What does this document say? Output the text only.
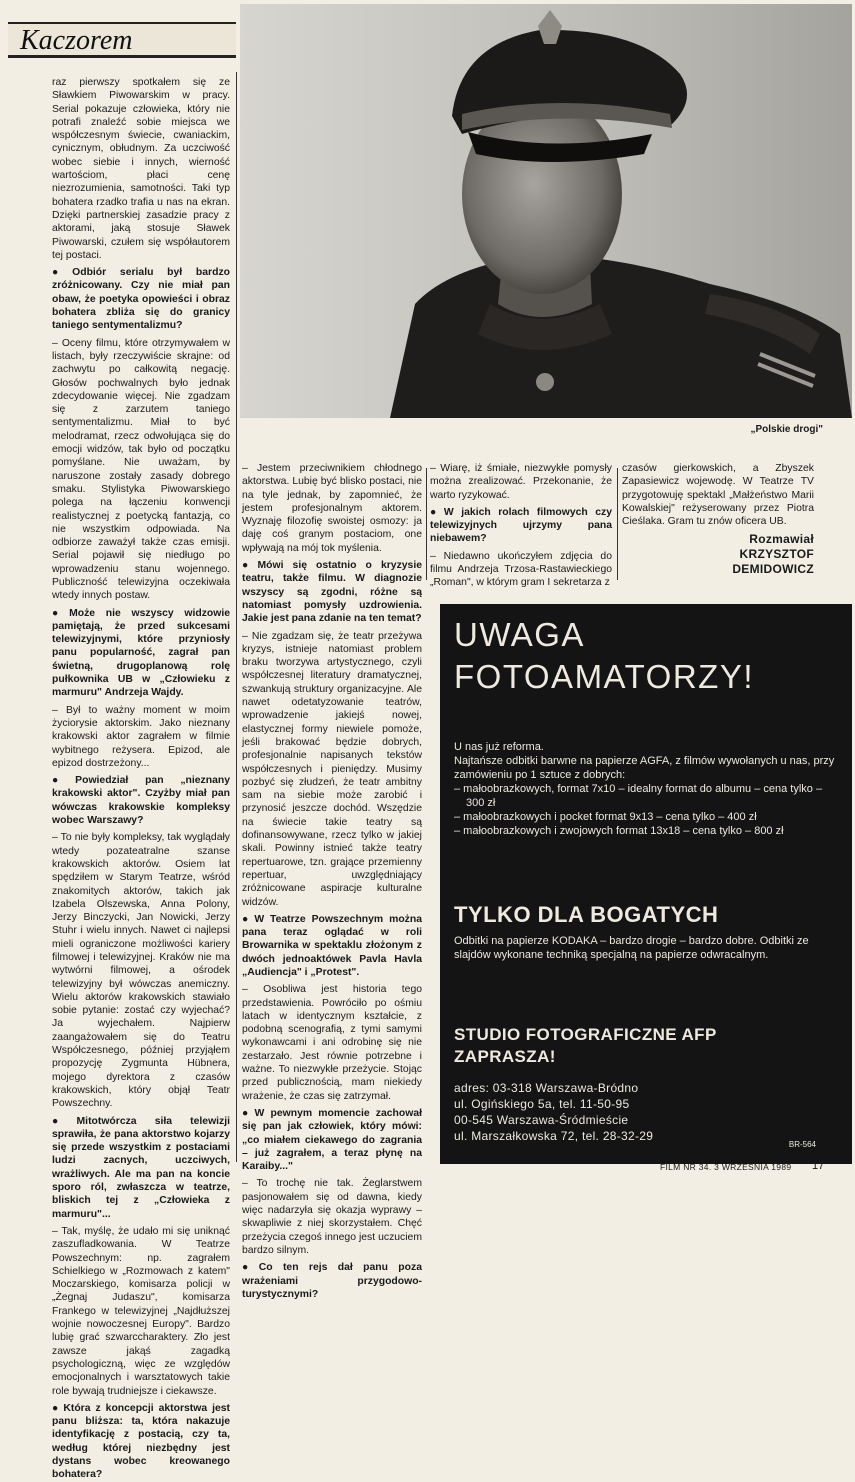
Kaczorem
„Polskie drogi"

raz pierwszy spotkałem się ze Sławkiem Piwowarskim w pracy. Serial pokazuje człowieka, który nie potrafi znaleźć sobie miejsca we współczesnym świecie, cwaniackim, cynicznym, obłudnym. Za uczciwość wobec siebie i innych, wierność wartościom, płaci cenę niezrozumienia, samotności. Taki typ bohatera rzadko trafia u nas na ekran. Dzięki partnerskiej zasadzie pracy z aktorami, jaką stosuje Sławek Piwowarski, czułem się współautorem tej postaci.

● Odbiór serialu był bardzo zróżnicowany. Czy nie miał pan obaw, że poetyka opowieści i obraz bohatera zbliża się do granicy taniego sentymentalizmu?

– Oceny filmu, które otrzymywałem w listach, były rzeczywiście skrajne: od zachwytu po całkowitą negację. Głosów pochwalnych było jednak zdecydowanie więcej. Nie zgadzam się z zarzutem taniego sentymentalizmu. Miał to być melodramat, rzecz odwołująca się do emocji widzów, tak było od początku pomyślane. Nie uważam, by naruszone zostały zasady dobrego smaku. Stylistyka Piwowarskiego polega na łączeniu konwencji realistycznej z poetycką fantazją, co nie wszystkim odpowiada. Na odbiorze zaważył także czas emisji. Serial pojawił się niedługo po wprowadzeniu stanu wojennego. Publiczność telewizyjna oczekiwała wtedy innych postaw.

● Może nie wszyscy widzowie pamiętają, że przed sukcesami telewizyjnymi, które przyniosły panu popularność, zagrał pan świetną, drugoplanową rolę pułkownika UB w „Człowieku z marmuru" Andrzeja Wajdy.

– Był to ważny moment w moim życiorysie aktorskim. Jako nieznany krakowski aktor zagrałem w filmie wybitnego reżysera. Epizod, ale epizod dostrzeżony...

● Powiedział pan „nieznany krakowski aktor". Czyżby miał pan wówczas krakowskie kompleksy wobec Warszawy?

– To nie były kompleksy, tak wyglądały wtedy pozateatralne szanse krakowskich aktorów. Osiem lat spędziłem w Starym Teatrze, wśród znakomitych aktorów, takich jak Izabela Olszewska, Anna Polony, Jerzy Binczycki, Jan Nowicki, Jerzy Stuhr i wielu innych. Nawet ci najlepsi mieli ograniczone możliwości kariery filmowej i telewizyjnej. Kraków nie ma wytwórni filmowej, a ośrodek telewizyjny był wówczas anemiczny. Wielu aktorów krakowskich stawiało sobie pytanie: zostać czy wyjechać? Ja wyjechałem. Najpierw zaangażowałem się do Teatru Współczesnego, później przyjąłem propozycję Zygmunta Hübnera, mojego dyrektora z czasów krakowskich, który objął Teatr Powszechny.

● Mitotwórcza siła telewizji sprawiła, że pana aktorstwo kojarzy się przede wszystkim z postaciami ludzi zacnych, uczciwych, wrażliwych. Ale ma pan na koncie sporo ról, zwłaszcza w teatrze, bliskich tej z „Człowieka z marmuru"...

– Tak, myślę, że udało mi się uniknąć zaszufladkowania. W Teatrze Powszechnym: np. zagrałem Schielkiego w „Rozmowach z katem" Moczarskiego, komisarza policji w „Żegnaj Judaszu", komisarza Frankego w telewizyjnej „Najdłuższej wojnie nowoczesnej Europy". Bardzo lubię grać szwarccharaktery. Zło jest zawsze jakąś zagadką psychologiczną, więc ze względów emocjonalnych i warsztatowych takie role bywają trudniejsze i ciekawsze.

● Która z koncepcji aktorstwa jest panu bliższa: ta, która nakazuje identyfikację z postacią, czy ta, według której niezbędny jest dystans wobec kreowanego bohatera?

– Jestem przeciwnikiem chłodnego aktorstwa. Lubię być blisko postaci, nie na tyle jednak, by zapomnieć, że jestem profesjonalnym aktorem. Wyznaję filozofię swoistej osmozy: ja daję coś granym postaciom, one wpływają na mój tok myślenia.

● Mówi się ostatnio o kryzysie teatru, także filmu. W diagnozie wszyscy są zgodni, różne są natomiast pomysły uzdrowienia. Jakie jest pana zdanie na ten temat?

– Nie zgadzam się, że teatr przeżywa kryzys, istnieje natomiast problem braku tworzywa artystycznego, czyli współczesnej literatury dramatycznej, szwankują struktury organizacyjne. Ale nawet odetatyzowanie teatrów, wprowadzenie jakiejś nowej, elastycznej formy niewiele pomoże, jeśli brakować będzie dobrych, profesjonalnie napisanych tekstów współczesnych i pieniędzy. Musimy pozbyć się złudzeń, że teatr ambitny sam na siebie może zarobić i przynosić jeszcze dochód. Wszędzie na świecie takie teatry są dofinansowywane, rzecz tylko w jakiej skali. Powinny istnieć także teatry repertuarowe, tzn. grające przemienny repertuar, uwzględniający zróżnicowane aspiracje kulturalne widzów.

● W Teatrze Powszechnym można pana teraz oglądać w roli Browarnika w spektaklu złożonym z dwóch jednoaktówek Pavla Havla „Audiencja" i „Protest".

– Osobliwa jest historia tego przedstawienia. Powróciło po ośmiu latach w identycznym kształcie, z podobną scenografią, z tymi samymi wykonawcami i ani odrobinę się nie zestarzało. Jest równie potrzebne i ważne. To niezwykłe przeżycie. Stojąc przed publicznością, mam niekiedy wrażenie, że czas się zatrzymał.

● W pewnym momencie zachował się pan jak człowiek, który mówi: „co miałem ciekawego do zagrania – już zagrałem, a teraz płynę na Karaiby..."

– To trochę nie tak. Żeglarstwem pasjonowałem się od dawna, kiedy więc nadarzyła się okazja wyprawy – skwapliwie z niej skorzystałem. Chęć przeżycia czegoś innego jest uczuciem bardzo silnym.

● Co ten rejs dał panu poza wrażeniami przygodowo-turystycznymi?

– Wiarę, iż śmiałe, niezwykłe pomysły można zrealizować. Przekonanie, że warto ryzykować.

● W jakich rolach filmowych czy telewizyjnych ujrzymy pana niebawem?

– Niedawno ukończyłem zdjęcia do filmu Andrzeja Trzosa-Rastawieckiego „Roman", w którym gram I sekretarza z

czasów gierkowskich, a Zbyszek Zapasiewicz wojewodę. W Teatrze TV przygotowuję spektakl „Małżeństwo Marii Kowalskiej" reżyserowany przez Piotra Cieślaka. Gram tu znów oficera UB.

Rozmawiał
KRZYSZTOF
DEMIDOWICZ
UWAGA
FOTOAMATORZY!
U nas już reforma.
Najtańsze odbitki barwne na papierze AGFA, z filmów wywołanych u nas, przy zamówieniu po 1 sztuce z dobrych:
– małoobrazkowych, format 7x10 – idealny format do albumu – cena tylko – 300 zł
– małoobrazkowych i pocket format 9x13 – cena tylko – 400 zł
– małoobrazkowych i zwojowych format 13x18 – cena tylko – 800 zł
TYLKO DLA BOGATYCH
Odbitki na papierze KODAKA – bardzo drogie – bardzo dobre. Odbitki ze slajdów wykonane techniką specjalną na papierze odwracalnym.
STUDIO FOTOGRAFICZNE AFP
ZAPRASZA!
adres: 03-318 Warszawa-Bródno
ul. Ogińskiego 5a, tel. 11-50-95
00-545 Warszawa-Śródmieście
ul. Marszałkowska 72, tel. 28-32-29
BR-564
FILM NR 34. 3 WRZEŚNIA 1989 17
